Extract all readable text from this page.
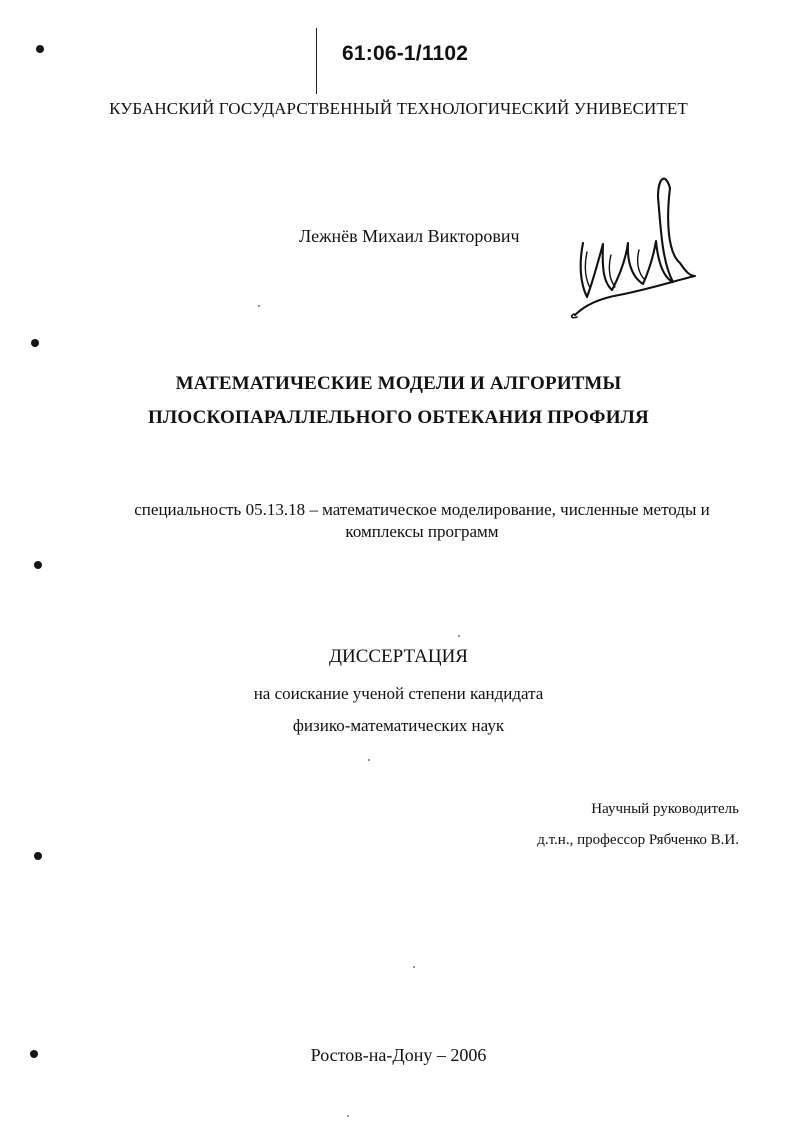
61:06-1/1102
КУБАНСКИЙ ГОСУДАРСТВЕННЫЙ ТЕХНОЛОГИЧЕСКИЙ УНИВЕСИТЕТ
Лежнёв Михаил Викторович
МАТЕМАТИЧЕСКИЕ МОДЕЛИ И АЛГОРИТМЫ
ПЛОСКОПАРАЛЛЕЛЬНОГО ОБТЕКАНИЯ ПРОФИЛЯ
специальность 05.13.18 – математическое моделирование, численные методы и комплексы программ
ДИССЕРТАЦИЯ
на соискание ученой степени кандидата
физико-математических наук
Научный руководитель
д.т.н., профессор Рябченко В.И.
Ростов-на-Дону – 2006
